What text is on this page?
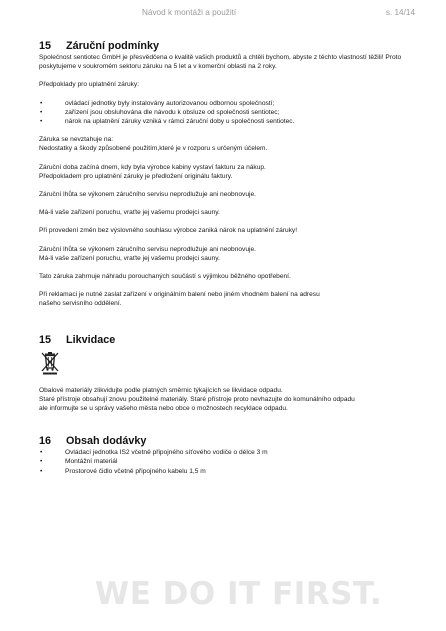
Návod k montáži a použití	s. 14/14
15 Záruční podmínky

Společnost sentiotec GmbH je přesvědčena o kvalitě vašich produktů a chtěli bychom, abyste z těchto vlastností těžili! Proto poskytujeme v soukromém sektoru záruku na 5 let a v komerční oblasti na 2 roky.

Předpoklady pro uplatnění záruky:

• ovládací jednotky byly instalovány autorizovanou odbornou společností;
• zařízení jsou obsluhována dle návodu k obsluze od společnosti sentiotec;
• nárok na uplatnění záruky vzniká v rámci záruční doby u společnosti sentiotec.

Záruka se nevztahuje na:

Nedostatky a škody způsobené použitím,které je v rozporu s určeným účelem.

Záruční doba začíná dnem, kdy byla výrobce kabiny vystaví fakturu za nákup.

Předpokladem pro uplatnění záruky je předložení originálu faktury.

Záruční lhůta se výkonem záručního servisu neprodlužuje ani neobnovuje.

Má-li vaše zařízení poruchu, vraťte jej vašemu prodejci sauny.

Při provedení změn bez výslovného souhlasu výrobce zaniká nárok na uplatnění záruky!

Záruční lhůta se výkonem záručního servisu neprodlužuje ani neobnovuje.

Má-li vaše zařízení poruchu, vraťte jej vašemu prodejci sauny.

Tato záruka zahrnuje náhradu porouchaných součástí s výjimkou běžného opotřebení.

Při reklamaci je nutné zaslat zařízení v originálním balení nebo jiném vhodném balení na adresu

našeho servisního oddělení.

15 Likvidace

Obalové materiály zlikvidujte podle platných směrnic týkajících se likvidace odpadu.

Staré přístroje obsahují znovu použitelné materiály. Staré přístroje proto nevhazujte do komunálního odpadu

ale informujte se u správy vašeho města nebo obce o možnostech recyklace odpadu.

16 Obsah dodávky
• Ovládací jednotka IS2 včetně připojného síťového vodiče o délce 3 m
• Montážní materiál
• Prostorové čidlo včetně připojného kabelu 1,5 m
WE DO IT FIRST.
